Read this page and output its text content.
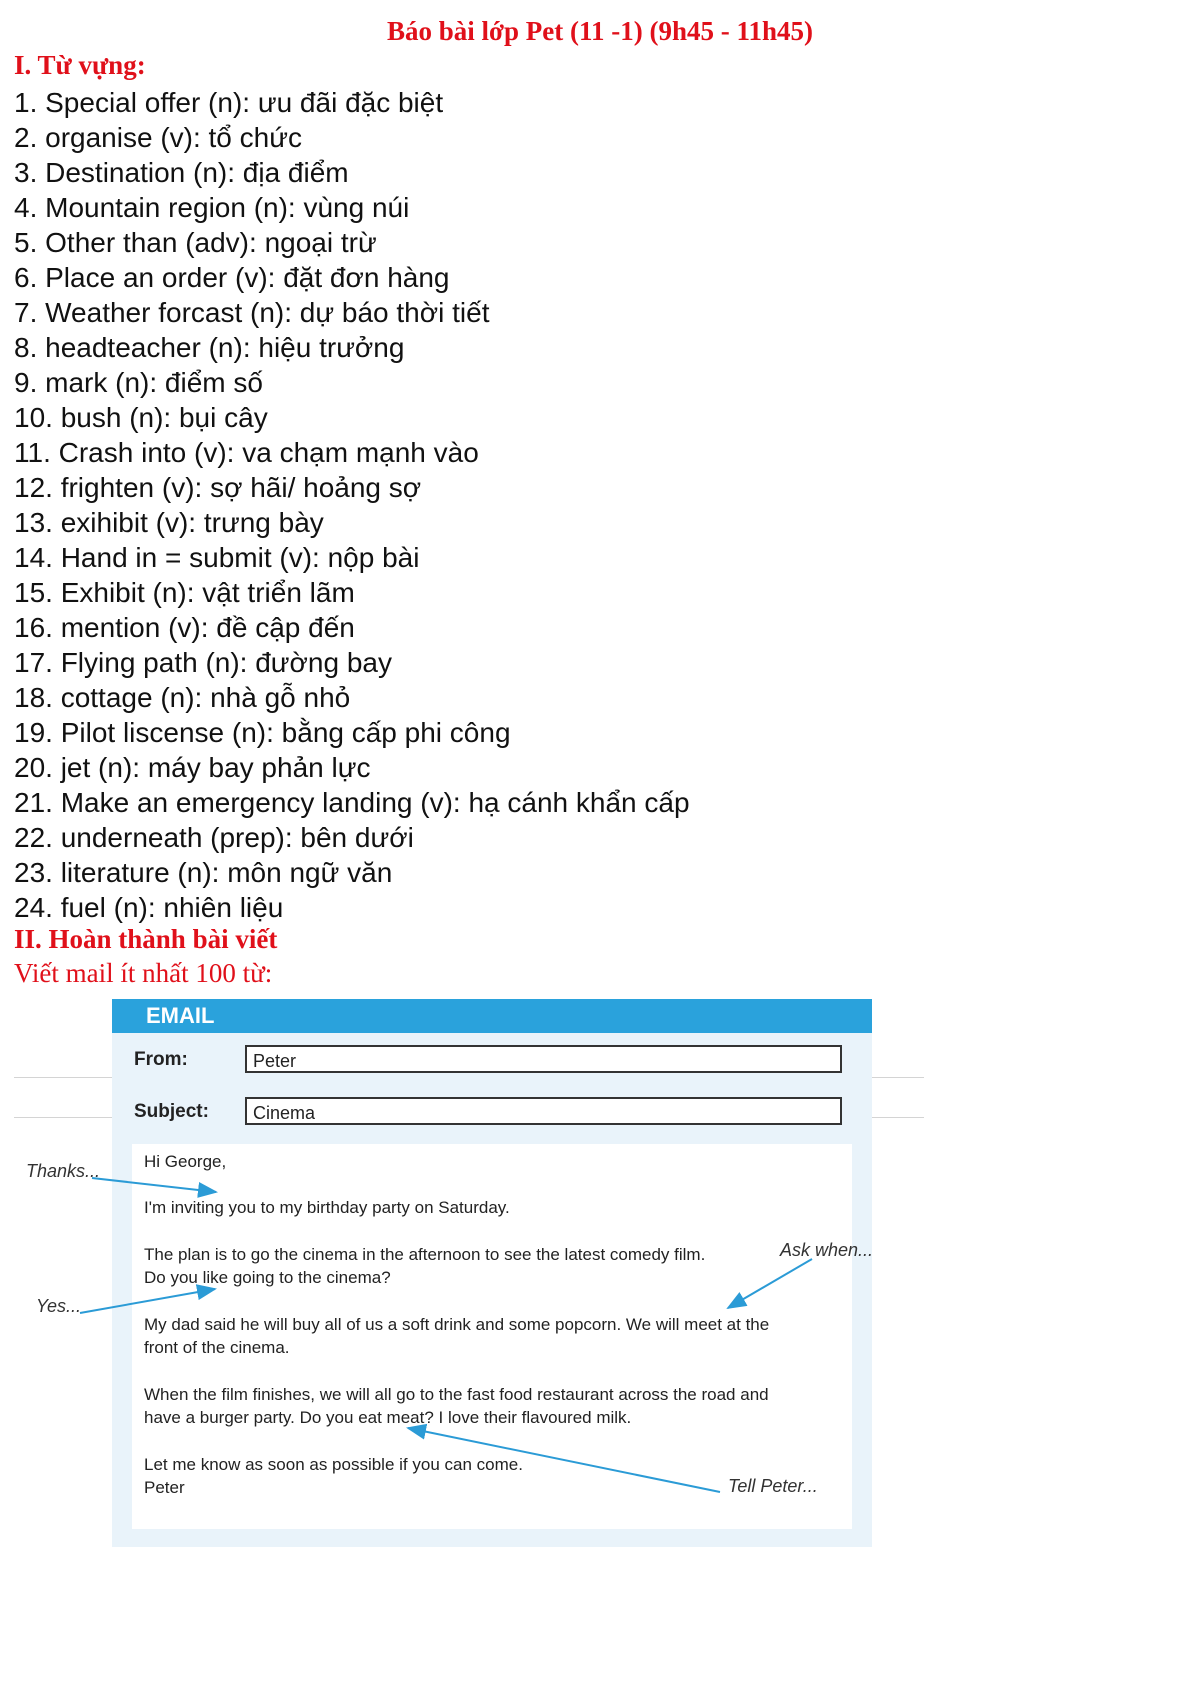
Báo bài lớp Pet (11 -1) (9h45 - 11h45)
I. Từ vựng:
1. Special offer (n): ưu đãi đặc biệt
2. organise (v): tổ chức
3. Destination (n): địa điểm
4. Mountain region (n): vùng núi
5. Other than (adv): ngoại trừ
6. Place an order (v): đặt đơn hàng
7. Weather forcast (n): dự báo thời tiết
8. headteacher (n): hiệu trưởng
9. mark (n): điểm số
10. bush (n): bụi cây
11. Crash into (v): va chạm mạnh vào
12. frighten (v): sợ hãi/ hoảng sợ
13. exihibit (v): trưng bày
14. Hand in = submit (v): nộp bài
15. Exhibit (n): vật triển lãm
16. mention (v): đề cập đến
17. Flying path (n): đường bay
18. cottage (n): nhà gỗ nhỏ
19. Pilot liscense (n): bằng cấp phi công
20. jet (n): máy bay phản lực
21. Make an emergency landing (v): hạ cánh khẩn cấp
22. underneath (prep): bên dưới
23. literature (n): môn ngữ văn
24. fuel (n): nhiên liệu
II. Hoàn thành bài viết
Viết mail ít nhất 100 từ:
EMAIL
From:	Peter
Subject:	Cinema
Hi George,
I'm inviting you to my birthday party on Saturday.
The plan is to go the cinema in the afternoon to see the latest comedy film.
Do you like going to the cinema?
My dad said he will buy all of us a soft drink and some popcorn. We will meet at the
front of the cinema.
When the film finishes, we will all go to the fast food restaurant across the road and
have a burger party. Do you eat meat? I love their flavoured milk.
Let me know as soon as possible if you can come.
Peter
Thanks...
Yes...
Ask when...
Tell Peter...
